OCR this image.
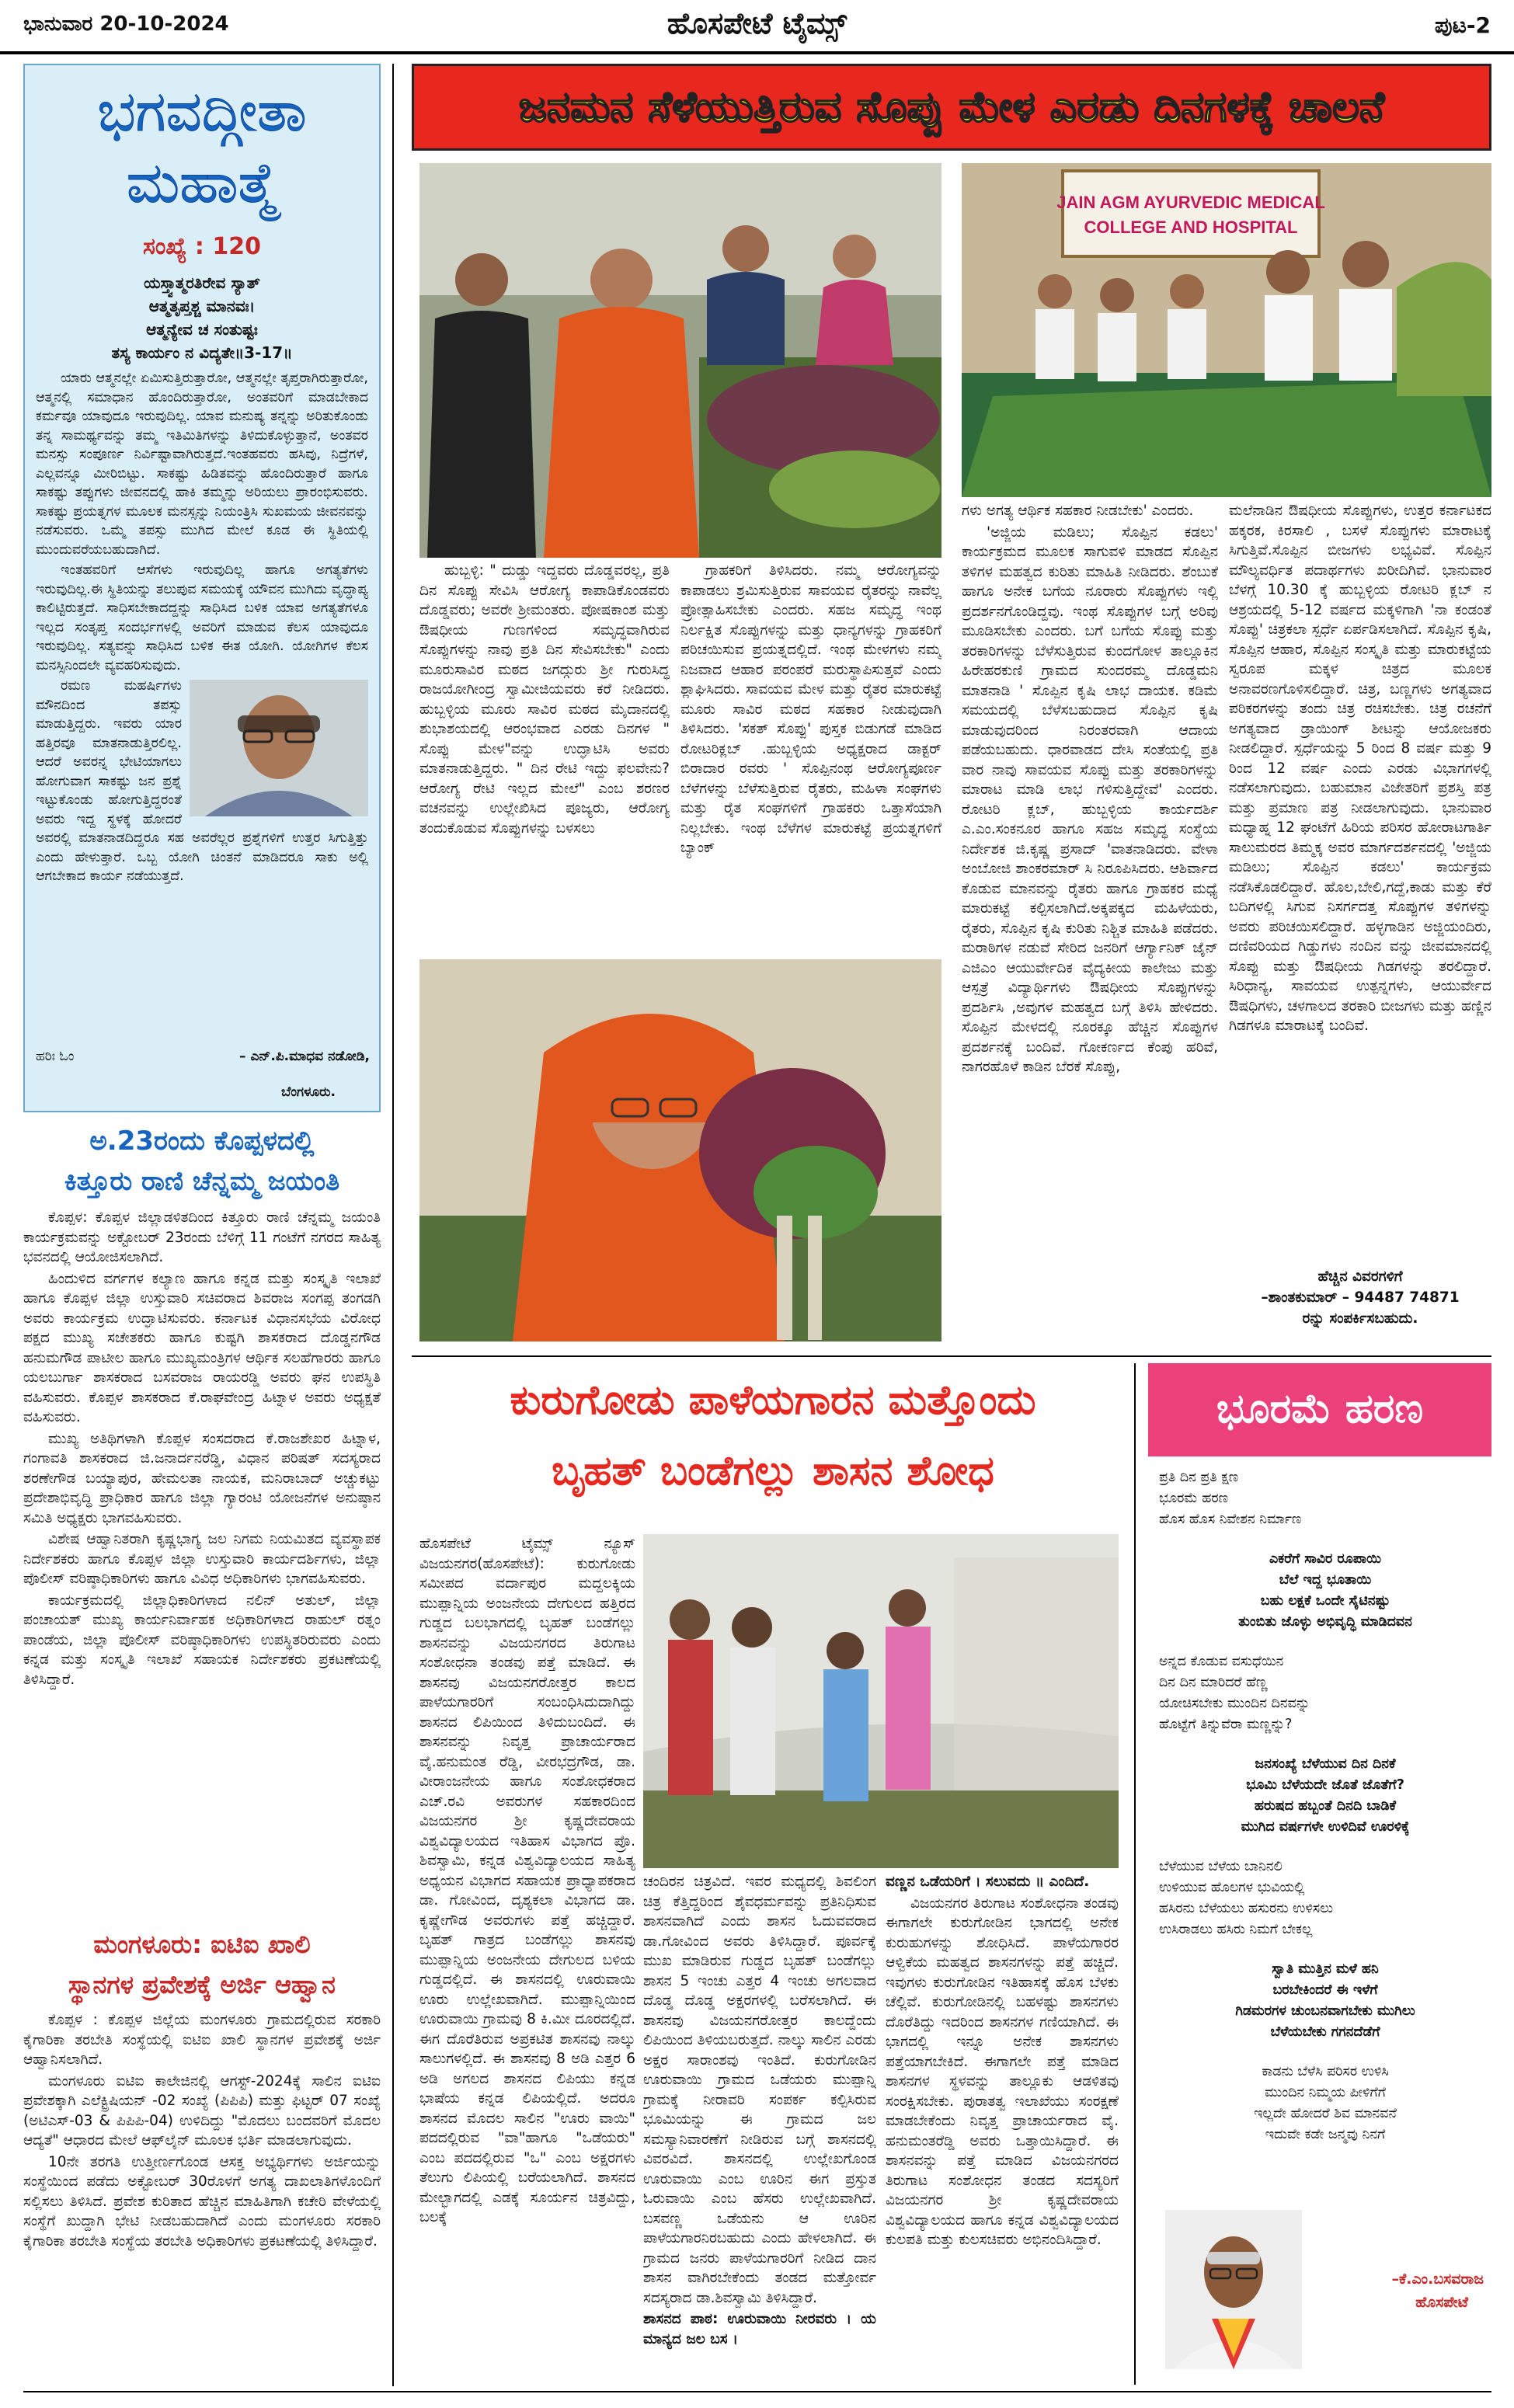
ಭಾನುವಾರ 20-10-2024	ಹೊಸಪೇಟೆ ಟೈಮ್ಸ್	ಪುಟ-2
ಭಗವದ್ಗೀತಾ
ಮಹಾತ್ಮೆ
ಸಂಖ್ಯೆ : 120
ಯಸ್ತ್ವಾತ್ಮರತಿರೇವ ಸ್ಯಾತ್
ಆತ್ಮತೃಪ್ತಶ್ಚ ಮಾನವಃ।
ಆತ್ಮನ್ಯೇವ ಚ ಸಂತುಷ್ಟಃ
ತಸ್ಯ ಕಾರ್ಯಂ ನ ವಿದ್ಯತೇ॥3-17॥

ಯಾರು ಆತ್ಮನಲ್ಲೇ ಏಮಿಸುತ್ತಿರುತ್ತಾರೋ, ಆತ್ಮನಲ್ಲೇ ತೃಪ್ತರಾಗಿರುತ್ತಾರೋ, ಆತ್ಮನಲ್ಲಿ ಸಮಾಧಾನ ಹೊಂದಿರುತ್ತಾರೋ, ಅಂತವರಿಗೆ ಮಾಡಬೇಕಾದ ಕರ್ಮವೂ ಯಾವುದೂ ಇರುವುದಿಲ್ಲ. ಯಾವ ಮನುಷ್ಯ ತನ್ನನ್ನು ಅರಿತುಕೊಂಡು ತನ್ನ ಸಾಮರ್ಥ್ಯವನ್ನು ತಮ್ಮ ಇತಿಮಿತಿಗಳನ್ನು ತಿಳಿದುಕೊಳ್ಳುತ್ತಾನೆ, ಅಂತವರ ಮನಸ್ಸು ಸಂಪೂರ್ಣ ನಿರ್ವಿಷ್ಟಾವಾಗಿರುತ್ತದೆ.ಇಂತಹವರು ಹಸಿವು, ನಿದ್ರೆಗಳೆ, ಎಲ್ಲವನ್ನೂ ಮೀರಿಬಿಟ್ಟು. ಸಾಕಷ್ಟು ಹಿಡಿತವನ್ನು ಹೊಂದಿರುತ್ತಾರೆ ಹಾಗೂ ಸಾಕಷ್ಟು ತಪ್ಪುಗಳು ಜೀವನದಲ್ಲಿ ಹಾಕಿ ತಮ್ಮನ್ನು ಅರಿಯಲು ಪ್ರಾರಂಭಿಸುವರು. ಸಾಕಷ್ಟು ಪ್ರಯತ್ನಗಳ ಮೂಲಕ ಮನಸ್ಸನ್ನು ನಿಯಂತ್ರಿಸಿ ಸುಖಮಯ ಜೀವನವನ್ನು ನಡೆಸುವರು. ಒಮ್ಮೆ ತಪಸ್ಸು ಮುಗಿದ ಮೇಲೆ ಕೂಡ ಈ ಸ್ಥಿತಿಯಲ್ಲಿ ಮುಂದುವರೆಯಬಹುದಾಗಿದೆ.

ಇಂತಹವರಿಗೆ ಆಸೆಗಳು ಇರುವುದಿಲ್ಲ ಹಾಗೂ ಅಗತ್ಯತೆಗಳು ಇರುವುದಿಲ್ಲ.ಈ ಸ್ಥಿತಿಯನ್ನು ತಲುಪುವ ಸಮಯಕ್ಕೆ ಯೌವನ ಮುಗಿದು ವೃದ್ಧಾಪ್ಯ ಕಾಲಿಟ್ಟಿರುತ್ತದೆ. ಸಾಧಿಸಬೇಕಾದದ್ದನ್ನು ಸಾಧಿಸಿದ ಬಳಿಕ ಯಾವ ಅಗತ್ಯತೆಗಳೂ ಇಲ್ಲದ ಸಂತೃಪ್ತ ಸಂದರ್ಭಗಳಲ್ಲಿ ಅವರಿಗೆ ಮಾಡುವ ಕೆಲಸ ಯಾವುದೂ ಇರುವುದಿಲ್ಲ. ಸತ್ಯವನ್ನು ಸಾಧಿಸಿದ ಬಳಿಕ ಈತ ಯೋಗಿ. ಯೋಗಿಗಳ ಕೆಲಸ ಮನಸ್ಸಿನಿಂದಲೇ ವ್ಯವಹರಿಸುವುದು.

ರಮಣ ಮಹರ್ಷಿಗಳು ಮೌನದಿಂದ ತಪಸ್ಸು ಮಾಡುತ್ತಿದ್ದರು. ಇವರು ಯಾರ ಹತ್ತಿರವೂ ಮಾತನಾಡುತ್ತಿರಲಿಲ್ಲ. ಆದರೆ ಅವರನ್ನ ಭೇಟಿಯಾಗಲು ಹೋಗುವಾಗ ಸಾಕಷ್ಟು ಜನ ಪ್ರಶ್ನೆ ಇಟ್ಟುಕೊಂಡು ಹೋಗುತ್ತಿದ್ದರಂತೆ ಅವರು ಇದ್ದ ಸ್ಥಳಕ್ಕೆ ಹೋದರೆ ಅವರಲ್ಲಿ ಮಾತನಾಡದಿದ್ದರೂ ಸಹ ಅವರೆಲ್ಲರ ಪ್ರಶ್ನೆಗಳಿಗೆ ಉತ್ತರ ಸಿಗುತ್ತಿತ್ತು ಎಂದು ಹೇಳುತ್ತಾರೆ. ಒಬ್ಬ ಯೋಗಿ ಚಿಂತನೆ ಮಾಡಿದರೂ ಸಾಕು ಅಲ್ಲಿ ಆಗಬೇಕಾದ ಕಾರ್ಯ ನಡೆಯುತ್ತದೆ.

ಹರಿಃ ಓಂ	– ಎನ್.ಪಿ.ಮಾಧವ ನಡೋಡಿ,
ಬೆಂಗಳೂರು.
ಅ.23ರಂದು ಕೊಪ್ಪಳದಲ್ಲಿ
ಕಿತ್ತೂರು ರಾಣಿ ಚೆನ್ನಮ್ಮ ಜಯಂತಿ

ಕೊಪ್ಪಳ: ಕೊಪ್ಪಳ ಜಿಲ್ಲಾಡಳಿತದಿಂದ ಕಿತ್ತೂರು ರಾಣಿ ಚೆನ್ನಮ್ಮ ಜಯಂತಿ ಕಾರ್ಯಕ್ರಮವನ್ನು ಅಕ್ಟೋಬರ್ 23ರಂದು ಬೆಳಿಗ್ಗೆ 11 ಗಂಟೆಗೆ ನಗರದ ಸಾಹಿತ್ಯ ಭವನದಲ್ಲಿ ಆಯೋಜಿಸಲಾಗಿದೆ.

ಹಿಂದುಳಿದ ವರ್ಗಗಳ ಕಲ್ಯಾಣ ಹಾಗೂ ಕನ್ನಡ ಮತ್ತು ಸಂಸ್ಕೃತಿ ಇಲಾಖೆ ಹಾಗೂ ಕೊಪ್ಪಳ ಜಿಲ್ಲಾ ಉಸ್ತುವಾರಿ ಸಚಿವರಾದ ಶಿವರಾಜ ಸಂಗಪ್ಪ ತಂಗಡಗಿ ಅವರು ಕಾರ್ಯಕ್ರಮ ಉದ್ಘಾಟಿಸುವರು. ಕರ್ನಾಟಕ ವಿಧಾನಸಭೆಯ ವಿರೋಧ ಪಕ್ಷದ ಮುಖ್ಯ ಸಚೇತಕರು ಹಾಗೂ ಕುಷ್ಟಗಿ ಶಾಸಕರಾದ ದೊಡ್ಡನಗೌಡ ಹನುಮಗೌಡ ಪಾಟೀಲ ಹಾಗೂ ಮುಖ್ಯಮಂತ್ರಿಗಳ ಆರ್ಥಿಕ ಸಲಹೆಗಾರರು ಹಾಗೂ ಯಲಬುರ್ಗಾ ಶಾಸಕರಾದ ಬಸವರಾಜ ರಾಯರಡ್ಡಿ ಅವರು ಘನ ಉಪಸ್ಥಿತಿ ವಹಿಸುವರು. ಕೊಪ್ಪಳ ಶಾಸಕರಾದ ಕೆ.ರಾಘವೇಂದ್ರ ಹಿಟ್ನಾಳ ಅವರು ಅಧ್ಯಕ್ಷತೆ ವಹಿಸುವರು.

ಮುಖ್ಯ ಅತಿಥಿಗಳಾಗಿ ಕೊಪ್ಪಳ ಸಂಸದರಾದ ಕೆ.ರಾಜಶೇಖರ ಹಿಟ್ನಾಳ, ಗಂಗಾವತಿ ಶಾಸಕರಾದ ಜಿ.ಜನಾರ್ದನರೆಡ್ಡಿ, ವಿಧಾನ ಪರಿಷತ್ ಸದಸ್ಯರಾದ ಶರಣೇಗೌಡ ಬಯ್ಯಾಪುರ, ಹೇಮಲತಾ ನಾಯಕ, ಮನಿರಾಬಾದ್ ಅಚ್ಚುಕಟ್ಟು ಪ್ರದೇಶಾಭಿವೃದ್ಧಿ ಪ್ರಾಧಿಕಾರ ಹಾಗೂ ಜಿಲ್ಲಾ ಗ್ಯಾರಂಟಿ ಯೋಜನೆಗಳ ಅನುಷ್ಠಾನ ಸಮಿತಿ ಅಧ್ಯಕ್ಷರು ಭಾಗವಹಿಸುವರು.

ವಿಶೇಷ ಆಹ್ವಾನಿತರಾಗಿ ಕೃಷ್ಣಭಾಗ್ಯ ಜಲ ನಿಗಮ ನಿಯಮಿತದ ವ್ಯವಸ್ಥಾಪಕ ನಿರ್ದೇಶಕರು ಹಾಗೂ ಕೊಪ್ಪಳ ಜಿಲ್ಲಾ ಉಸ್ತುವಾರಿ ಕಾರ್ಯದರ್ಶಿಗಳು, ಜಿಲ್ಲಾ ಪೊಲೀಸ್ ವರಿಷ್ಠಾಧಿಕಾರಿಗಳು ಹಾಗೂ ವಿವಿಧ ಅಧಿಕಾರಿಗಳು ಭಾಗವಹಿಸುವರು.

ಕಾರ್ಯಕ್ರಮದಲ್ಲಿ ಜಿಲ್ಲಾಧಿಕಾರಿಗಳಾದ ನಲಿನ್ ಅತುಲ್, ಜಿಲ್ಲಾ ಪಂಚಾಯತ್ ಮುಖ್ಯ ಕಾರ್ಯನಿರ್ವಾಹಕ ಅಧಿಕಾರಿಗಳಾದ ರಾಹುಲ್ ರತ್ನಂ ಪಾಂಡೆಯ, ಜಿಲ್ಲಾ ಪೊಲೀಸ್ ವರಿಷ್ಠಾಧಿಕಾರಿಗಳು ಉಪಸ್ಥಿತರಿರುವರು ಎಂದು ಕನ್ನಡ ಮತ್ತು ಸಂಸ್ಕೃತಿ ಇಲಾಖೆ ಸಹಾಯಕ ನಿರ್ದೇಶಕರು ಪ್ರಕಟಣೆಯಲ್ಲಿ ತಿಳಿಸಿದ್ದಾರೆ.

ಮಂಗಳೂರು: ಐಟಿಐ ಖಾಲಿ
ಸ್ಥಾನಗಳ ಪ್ರವೇಶಕ್ಕೆ ಅರ್ಜಿ ಆಹ್ವಾನ

ಕೊಪ್ಪಳ : ಕೊಪ್ಪಳ ಜಿಲ್ಲೆಯ ಮಂಗಳೂರು ಗ್ರಾಮದಲ್ಲಿರುವ ಸರಕಾರಿ ಕೈಗಾರಿಕಾ ತರಬೇತಿ ಸಂಸ್ಥೆಯಲ್ಲಿ ಐಟಿಐ ಖಾಲಿ ಸ್ಥಾನಗಳ ಪ್ರವೇಶಕ್ಕೆ ಅರ್ಜಿ ಆಹ್ವಾನಿಸಲಾಗಿದೆ.

ಮಂಗಳೂರು ಐಟಿಐ ಕಾಲೇಜಿನಲ್ಲಿ ಆಗಸ್ಟ್-2024ಕ್ಕೆ ಸಾಲಿನ ಐಟಿಐ ಪ್ರವೇಶಕ್ಕಾಗಿ ಎಲೆಕ್ಟ್ರಿಷಿಯನ್ -02 ಸಂಖ್ಯೆ (ಪಿಪಿಪಿ) ಮತ್ತು ಫಿಟ್ಟರ್ 07 ಸಂಖ್ಯೆ (ಅಟಿಎಸ್-03 & ಪಿಪಿಪಿ-04) ಉಳಿದಿದ್ದು "ಮೊದಲು ಬಂದವರಿಗೆ ಮೊದಲ ಆದ್ಯತೆ" ಆಧಾರದ ಮೇಲೆ ಆಫ್‌ಲೈನ್ ಮೂಲಕ ಭರ್ತಿ ಮಾಡಲಾಗುವುದು.

10ನೇ ತರಗತಿ ಉತ್ತೀರ್ಣಗೊಂಡ ಆಸಕ್ತ ಅಭ್ಯರ್ಥಿಗಳು ಅರ್ಜಿಯನ್ನು ಸಂಸ್ಥೆಯಿಂದ ಪಡೆದು ಅಕ್ಟೋಬರ್ 30ರೊಳಗೆ ಅಗತ್ಯ ದಾಖಲಾತಿಗಳೊಂದಿಗೆ ಸಲ್ಲಿಸಲು ತಿಳಿಸಿದೆ. ಪ್ರವೇಶ ಕುರಿತಾದ ಹೆಚ್ಚಿನ ಮಾಹಿತಿಗಾಗಿ ಕಚೇರಿ ವೇಳೆಯಲ್ಲಿ ಸಂಸ್ಥೆಗೆ ಖುದ್ದಾಗಿ ಭೇಟಿ ನೀಡಬಹುದಾಗಿದೆ ಎಂದು ಮಂಗಳೂರು ಸರಕಾರಿ ಕೈಗಾರಿಕಾ ತರಬೇತಿ ಸಂಸ್ಥೆಯ ತರಬೇತಿ ಅಧಿಕಾರಿಗಳು ಪ್ರಕಟಣೆಯಲ್ಲಿ ತಿಳಿಸಿದ್ದಾರೆ.

ಜನಮನ ಸೆಳೆಯುತ್ತಿರುವ ಸೊಪ್ಪು ಮೇಳ ಎರಡು ದಿನಗಳಕ್ಕೆ ಚಾಲನೆ
JAIN AGM AYURVEDIC MEDICAL
COLLEGE AND HOSPITAL

ಹುಬ್ಬಳ್ಳಿ: " ದುಡ್ಡು ಇದ್ದವರು ದೊಡ್ಡವರಲ್ಲ, ಪ್ರತಿ ದಿನ ಸೊಪ್ಪು ಸೇವಿಸಿ ಆರೋಗ್ಯ ಕಾಪಾಡಿಕೊಂಡವರು ದೊಡ್ಡವರು; ಅವರೇ ಶ್ರೀಮಂತರು. ಪೋಷಕಾಂಶ ಮತ್ತು ಔಷಧೀಯ ಗುಣಗಳಿಂದ ಸಮೃದ್ಧವಾಗಿರುವ ಸೊಪ್ಪುಗಳನ್ನು ನಾವು ಪ್ರತಿ ದಿನ ಸೇವಿಸಬೇಕು" ಎಂದು ಮೂರುಸಾವಿರ ಮಠದ ಜಗದ್ಗುರು ಶ್ರೀ ಗುರುಸಿದ್ಧ ರಾಜಯೋಗೀಂದ್ರ ಸ್ವಾಮೀಜಿಯವರು ಕರೆ ನೀಡಿದರು. ಹುಬ್ಬಳ್ಳಿಯ ಮೂರು ಸಾವಿರ ಮಠದ ಮೈದಾನದಲ್ಲಿ ಶುಭಾಶಯದಲ್ಲಿ ಆರಂಭವಾದ ಎರಡು ದಿನಗಳ " ಸೊಪ್ಪು ಮೇಳ"ವನ್ನು ಉದ್ಘಾಟಿಸಿ ಅವರು ಮಾತನಾಡುತ್ತಿದ್ದರು. " ದಿನ ರೇಟಿ ಇದ್ದು ಫಲವೇನು? ಆರೋಗ್ಯ ರೇಟಿ ಇಲ್ಲದ ಮೇಲೆ" ಎಂಬ ಶರಣರ ವಚನವನ್ನು ಉಲ್ಲೇಖಿಸಿದ ಪೂಜ್ಯರು, ಆರೋಗ್ಯ ತಂದುಕೊಡುವ ಸೊಪ್ಪುಗಳನ್ನು ಬಳಸಲು

ಗ್ರಾಹಕರಿಗೆ ತಿಳಿಸಿದರು. ನಮ್ಮ ಆರೋಗ್ಯವನ್ನು ಕಾಪಾಡಲು ಶ್ರಮಿಸುತ್ತಿರುವ ಸಾವಯವ ರೈತರನ್ನು ನಾವೆಲ್ಲ ಪ್ರೋತ್ಸಾಹಿಸಬೇಕು ಎಂದರು. ಸಹಜ ಸಮೃದ್ಧ ಇಂಥ ನಿರ್ಲಕ್ಷಿತ ಸೊಪ್ಪುಗಳನ್ನು ಮತ್ತು ಧಾನ್ಯಗಳನ್ನು ಗ್ರಾಹಕರಿಗೆ ಪರಿಚಯಿಸುವ ಪ್ರಯತ್ನದಲ್ಲಿದೆ. ಇಂಥ ಮೇಳಗಳು ನಮ್ಮ ನಿಜವಾದ ಆಹಾರ ಪರಂಪರೆ ಮರುಸ್ಥಾಪಿಸುತ್ತವೆ ಎಂದು ಶ್ಲಾಘಿಸಿದರು. ಸಾವಯವ ಮೇಳ ಮತ್ತು ರೈತರ ಮಾರುಕಟ್ಟೆ ಮೂರು ಸಾವಿರ ಮಠದ ಸಹಕಾರ ನೀಡುವುದಾಗಿ ತಿಳಿಸಿದರು. 'ಸಕತ್ ಸೊಪ್ಪು' ಪುಸ್ತಕ ಬಿಡುಗಡೆ ಮಾಡಿದ ರೋಟರಿಕ್ಲಬ್ .ಹುಬ್ಬಳ್ಳಿಯ ಅಧ್ಯಕ್ಷರಾದ ಡಾಕ್ಟರ್‌ ಬಿರಾದಾರ ರವರು ' ಸೊಪ್ಪಿನಂಥ ಆರೋಗ್ಯಪೂರ್ಣ ಬೆಳೆಗಳನ್ನು ಬೆಳೆಸುತ್ತಿರುವ ರೈತರು, ಮಹಿಳಾ ಸಂಘಗಳು ಮತ್ತು ರೈತ ಸಂಘಗಳಿಗೆ ಗ್ರಾಹಕರು ಒತ್ತಾಸೆಯಾಗಿ ನಿಲ್ಲಬೇಕು. ಇಂಥ ಬೆಳೆಗಳ ಮಾರುಕಟ್ಟೆ ಪ್ರಯತ್ನಗಳಿಗೆ ಬ್ಯಾಂಕ್

ಗಳು ಅಗತ್ಯ ಆರ್ಥಿಕ ಸಹಕಾರ ನೀಡಬೇಕು' ಎಂದರು.

'ಅಜ್ಜಿಯ ಮಡಿಲು; ಸೊಪ್ಪಿನ ಕಡಲು' ಕಾರ್ಯಕ್ರಮದ ಮೂಲಕ ಸಾಗುವಳಿ ಮಾಡದ ಸೊಪ್ಪಿನ ತಳಿಗಳ ಮಹತ್ವದ ಕುರಿತು ಮಾಹಿತಿ ನೀಡಿದರು. ಶೆಂಬುಕೆ ಹಾಗೂ ಅನೇಕ ಬಗೆಯ ನೂರಾರು ಸೊಪ್ಪುಗಳು ಇಲ್ಲಿ ಪ್ರದರ್ಶನಗೊಂಡಿದ್ದವು. ಇಂಥ ಸೊಪ್ಪುಗಳ ಬಗ್ಗೆ ಅರಿವು ಮೂಡಿಸಬೇಕು ಎಂದರು. ಬಗೆ ಬಗೆಯ ಸೊಪ್ಪು ಮತ್ತು ತರಕಾರಿಗಳನ್ನು ಬೆಳೆಸುತ್ತಿರುವ ಕುಂದಗೋಳ ತಾಲ್ಲೂಕಿನ ಹಿರೇಹರಕುಣಿ ಗ್ರಾಮದ ಸುಂದರಮ್ಮ ದೊಡ್ಡಮನಿ ಮಾತನಾಡಿ ' ಸೊಪ್ಪಿನ ಕೃಷಿ ಲಾಭ ದಾಯಕ. ಕಡಿಮೆ ಸಮಯದಲ್ಲಿ ಬೆಳೆಸಬಹುದಾದ ಸೊಪ್ಪಿನ ಕೃಷಿ ಮಾಡುವುದರಿಂದ ನಿರಂತರವಾಗಿ ಆದಾಯ ಪಡೆಯಬಹುದು. ಧಾರವಾಡದ ದೇಸಿ ಸಂತೆಯಲ್ಲಿ ಪ್ರತಿ ವಾರ ನಾವು ಸಾವಯವ ಸೊಪ್ಪು ಮತ್ತು ತರಕಾರಿಗಳನ್ನು ಮಾರಾಟ ಮಾಡಿ ಲಾಭ ಗಳಿಸುತ್ತಿದ್ದೇವೆ' ಎಂದರು. ರೋಟರಿ ಕ್ಲಬ್, ಹುಬ್ಬಳ್ಳಿಯ ಕಾರ್ಯದರ್ಶಿ ಎ.ಎಂ.ಸಂಕನೂರ ಹಾಗೂ ಸಹಜ ಸಮೃದ್ಧ ಸಂಸ್ಥೆಯ ನಿರ್ದೇಶಕ ಜಿ.ಕೃಷ್ಣ ಪ್ರಸಾದ್ 'ವಾತನಾಡಿದರು. ವೇಳಾ ಅಂಬೋಜಿ ಶಾಂಕರಮಾರ್ ಸಿ ನಿರೂಪಿಸಿದರು. ಆಶಿರ್ವಾದ ಕೊಡುವ ಮಾನವನ್ನು ರೈತರು ಹಾಗೂ ಗ್ರಾಹಕರ ಮಧ್ಯೆ ಮಾರುಕಟ್ಟೆ ಕಲ್ಪಿಸಲಾಗಿದೆ.ಅಕ್ಕಪಕ್ಕದ ಮಹಿಳೆಯರು, ರೈತರು, ಸೊಪ್ಪಿನ ಕೃಷಿ ಕುರಿತು ನಿಶ್ಚಿತ ಮಾಹಿತಿ ಪಡೆದರು. ಮರಾಠಿಗಳ ನಡುವೆ ಸೇರಿದ ಜನರಿಗೆ ಆರ್ಗ್ಯಾನಿಕ್‌ ಜೈನ್ ಎಜಿಎಂ ಆಯುರ್ವೇದಿಕ ವೈದ್ಯಕೀಯ ಕಾಲೇಜು ಮತ್ತು ಆಸ್ಪತ್ರೆ ವಿದ್ಯಾರ್ಥಿಗಳು ಔಷಧೀಯ ಸೊಪ್ಪುಗಳನ್ನು ಪ್ರದರ್ಶಿಸಿ ,ಅವುಗಳ ಮಹತ್ವದ ಬಗ್ಗೆ ತಿಳಿಸಿ ಹೇಳಿದರು. ಸೊಪ್ಪಿನ ಮೇಳದಲ್ಲಿ ನೂರಕ್ಕೂ ಹೆಚ್ಚಿನ ಸೊಪ್ಪುಗಳ ಪ್ರದರ್ಶನಕ್ಕೆ ಬಂದಿವೆ. ಗೋಕರ್ಣದ ಕೆಂಪು ಹರಿವೆ, ನಾಗರಹೊಳೆ ಕಾಡಿನ ಬೆರಕೆ ಸೊಪ್ಪು,

ಮಲೆನಾಡಿನ ಔಷಧೀಯ ಸೊಪ್ಪುಗಳು, ಉತ್ತರ ಕರ್ನಾಟಕದ ಹಕ್ಕರಕ, ಕಿರಸಾಲಿ , ಬಸಳೆ ಸೊಪ್ಪುಗಳು ಮಾರಾಟಕ್ಕೆ ಸಿಗುತ್ತಿವೆ.ಸೊಪ್ಪಿನ ಬೀಜಗಳು ಲಭ್ಯವಿವೆ. ಸೊಪ್ಪಿನ ಮೌಲ್ಯವರ್ಧಿತ ಪದಾರ್ಥಗಳು ಖರೀದಿಗಿವೆ. ಭಾನುವಾರ ಬೆಳಗ್ಗೆ 10.30 ಕ್ಕೆ ಹುಬ್ಬಳ್ಳಿಯ ರೋಟರಿ ಕ್ಲಬ್ ನ ಆಶ್ರಯದಲ್ಲಿ 5-12 ವರ್ಷದ ಮಕ್ಕಳಿಗಾಗಿ 'ನಾ ಕಂಡಂತೆ ಸೊಪ್ಪು' ಚಿತ್ರಕಲಾ ಸ್ಪರ್ಧೆ ಏರ್ಪಡಿಸಲಾಗಿದೆ. ಸೊಪ್ಪಿನ ಕೃಷಿ, ಸೊಪ್ಪಿನ ಆಹಾರ, ಸೊಪ್ಪಿನ ಸಂಸ್ಕೃತಿ ಮತ್ತು ಮಾರುಕಟ್ಟೆಯ ಸ್ವರೂಪ ಮಕ್ಕಳ ಚಿತ್ರದ ಮೂಲಕ ಅನಾವರಣಗೊಳಿಸಲಿದ್ದಾರೆ. ಚಿತ್ರ, ಬಣ್ಣಗಳು ಅಗತ್ಯವಾದ ಪರಿಕರಗಳನ್ನು ತಂದು ಚಿತ್ರ ರಚಿಸಬೇಕು. ಚಿತ್ರ ರಚನೆಗೆ ಅಗತ್ಯವಾದ ಡ್ರಾಯಿಂಗ್ ಶೀಟನ್ನು ಆಯೋಜಕರು ನೀಡಲಿದ್ದಾರೆ. ಸ್ಪರ್ಧೆಯನ್ನು 5 ರಿಂದ 8 ವರ್ಷ ಮತ್ತು 9 ರಿಂದ 12 ವರ್ಷ ಎಂದು ಎರಡು ವಿಭಾಗಗಳಲ್ಲಿ ನಡೆಸಲಾಗುವುದು. ಬಹುಮಾನ ವಿಜೇತರಿಗೆ ಪ್ರಶಸ್ತಿ ಪತ್ರ ಮತ್ತು ಪ್ರಮಾಣ ಪತ್ರ ನೀಡಲಾಗುವುದು. ಭಾನುವಾರ ಮಧ್ಯಾಹ್ನ 12 ಘಂಟೆಗೆ ಹಿರಿಯ ಪರಿಸರ ಹೋರಾಟಗಾರ್ತಿ ಸಾಲುಮರದ ತಿಮ್ಮಕ್ಕ ಅವರ ಮಾರ್ಗದರ್ಶನದಲ್ಲಿ 'ಅಜ್ಜಿಯ ಮಡಿಲು; ಸೊಪ್ಪಿನ ಕಡಲು' ಕಾರ್ಯಕ್ರಮ ನಡೆಸಿಕೊಡಲಿದ್ದಾರೆ. ಹೊಲ,ಬೇಲಿ,ಗದ್ದೆ,ಕಾಡು ಮತ್ತು ಕೆರೆ ಬದಿಗಳಲ್ಲಿ ಸಿಗುವ ನಿಸರ್ಗದತ್ತ ಸೊಪ್ಪುಗಳ ತಳಿಗಳನ್ನು ಅವರು ಪರಿಚಯಿಸಲಿದ್ದಾರೆ. ಹಳ್ಳಗಾಡಿನ ಅಜ್ಜಿಯಂದಿರು, ದಣಿವರಿಯದ ಗಿಡ್ಡುಗಳು ನಂದಿನ ವನ್ನು ಜೀವಮಾನದಲ್ಲಿ ಸೊಪ್ಪು ಮತ್ತು ಔಷಧೀಯ ಗಿಡಗಳನ್ನು ತರಲಿದ್ದಾರೆ. ಸಿರಿಧಾನ್ಯ, ಸಾವಯವ ಉತ್ಪನ್ನಗಳು, ಆಯುರ್ವೇದ ಔಷಧಿಗಳು, ಚಳಗಾಲದ ತರಕಾರಿ ಬೀಜಗಳು ಮತ್ತು ಹಣ್ಣಿನ ಗಿಡಗಳೂ ಮಾರಾಟಕ್ಕೆ ಬಂದಿವೆ.

ಹೆಚ್ಚಿನ ವಿವರಗಳಿಗೆ
–ಶಾಂತಕುಮಾರ್ – 94487 74871
ರನ್ನು ಸಂಪರ್ಕಿಸಬಹುದು.
ಕುರುಗೋಡು ಪಾಳೆಯಗಾರನ ಮತ್ತೊಂದು
ಬೃಹತ್ ಬಂಡೆಗಲ್ಲು ಶಾಸನ ಶೋಧ

ಹೊಸಪೇಟೆ ಟೈಮ್ಸ್ ನ್ಯೂಸ್ ವಿಜಯನಗರ(ಹೊಸಪೇಟೆ): ಕುರುಗೋಡು ಸಮೀಪದ ವರ್ದಾಪುರ ಮದ್ದಲಕ್ಕಿಯ ಮುಪ್ಪಾನ್ನಿಯ ಅಂಜನೇಯ ದೇಗುಲದ ಹತ್ತಿರದ ಗುಡ್ಡದ ಬಲಭಾಗದಲ್ಲಿ ಬೃಹತ್ ಬಂಡೆಗಲ್ಲು ಶಾಸನವನ್ನು ವಿಜಯನಗರದ ತಿರುಗಾಟ ಸಂಶೋಧನಾ ತಂಡವು ಪತ್ತೆ ಮಾಡಿದೆ. ಈ ಶಾಸನವು ವಿಜಯನಗರೋತ್ತರ ಕಾಲದ ಪಾಳೆಯಗಾರರಿಗೆ ಸಂಬಂಧಿಸಿದುದಾಗಿದ್ದು ಶಾಸನದ ಲಿಪಿಯಿಂದ ತಿಳಿದುಬಂದಿದೆ. ಈ ಶಾಸನವನ್ನು ನಿವೃತ್ತ ಪ್ರಾಚಾರ್ಯರಾದ ವೈ.ಹನುಮಂತ ರೆಡ್ಡಿ, ವೀರಭದ್ರಗೌಡ, ಡಾ. ವೀರಾಂಜನೇಯ ಹಾಗೂ ಸಂಶೋಧಕರಾದ ಎಚ್.ರವಿ ಅವರುಗಳ ಸಹಕಾರದಿಂದ ವಿಜಯನಗರ ಶ್ರೀ ಕೃಷ್ಣದೇವರಾಯ ವಿಶ್ವವಿದ್ಯಾಲಯದ ಇತಿಹಾಸ ವಿಭಾಗದ ಪ್ರೊ. ಶಿವಸ್ವಾಮಿ, ಕನ್ನಡ ವಿಶ್ವವಿದ್ಯಾಲಯದ ಸಾಹಿತ್ಯ ಅಧ್ಯಯನ ವಿಭಾಗದ ಸಹಾಯಕ ಪ್ರಾಧ್ಯಾಪಕರಾದ ಡಾ. ಗೋವಿಂದ, ದೃಶ್ಯಕಲಾ ವಿಭಾಗದ ಡಾ. ಕೃಷ್ಣೇಗೌಡ ಅವರುಗಳು ಪತ್ತೆ ಹಚ್ಚಿದ್ದಾರೆ. ಬೃಹತ್ ಗಾತ್ರದ ಬಂಡೆಗಲ್ಲು ಶಾಸನವು ಮುಪ್ಪಾನ್ನಿಯ ಅಂಜನೇಯ ದೇಗುಲದ ಬಳಿಯ ಗುಡ್ಡದಲ್ಲಿದೆ. ಈ ಶಾಸನದಲ್ಲಿ ಊರುವಾಯಿ ಊರು ಉಲ್ಲೇಖವಾಗಿದೆ. ಮುಪ್ಪಾನ್ನಿಯಿಂದ ಊರುವಾಯಿ ಗ್ರಾಮವು 8 ಕಿ.ಮೀ ದೂರದಲ್ಲಿದೆ. ಈಗ ದೊರೆತಿರುವ ಅಪ್ರಕಟಿತ ಶಾಸನವು ನಾಲ್ಕು ಸಾಲುಗಳಲ್ಲಿದೆ. ಈ ಶಾಸನವು 8 ಅಡಿ ಎತ್ತರ 6 ಅಡಿ ಅಗಲದ ಶಾಸನದ ಲಿಪಿಯು ಕನ್ನಡ ಭಾಷೆಯ ಕನ್ನಡ ಲಿಪಿಯಲ್ಲಿದೆ. ಅದರೂ ಶಾಸನದ ಮೊದಲ ಸಾಲಿನ "ಊರು ವಾಯಿ" ಪದದಲ್ಲಿರುವ "ವಾ"ಹಾಗೂ "ಒಡೆಯರು" ಎಂಬ ಪದದಲ್ಲಿರುವ "ಒ" ಎಂಬ ಅಕ್ಷರಗಳು ತೆಲುಗು ಲಿಪಿಯಲ್ಲಿ ಬರೆಯಲಾಗಿದೆ. ಶಾಸನದ ಮೇಲ್ಭಾಗದಲ್ಲಿ ಎಡಕ್ಕೆ ಸೂರ್ಯನ ಚಿತ್ರವಿದ್ದು, ಬಲಕ್ಕೆ

ಚಂದಿರನ ಚಿತ್ರವಿದೆ. ಇವರ ಮಧ್ಯದಲ್ಲಿ ಶಿವಲಿಂಗ ಚಿತ್ರ ಕೆತ್ತಿದ್ದರಿಂದ ಶೈವಧರ್ಮವನ್ನು ಪ್ರತಿನಿಧಿಸುವ ಶಾಸನವಾಗಿದೆ ಎಂದು ಶಾಸನ ಓದುವವರಾದ ಡಾ.ಗೋವಿಂದ ಅವರು ತಿಳಿಸಿದ್ದಾರೆ. ಪೂರ್ವಕ್ಕೆ ಮುಖ ಮಾಡಿರುವ ಗುಡ್ಡದ ಬೃಹತ್ ಬಂಡೆಗಲ್ಲು ಶಾಸನ 5 ಇಂಚು ಎತ್ತರ 4 ಇಂಚು ಅಗಲವಾದ ದೊಡ್ಡ ದೊಡ್ಡ ಅಕ್ಷರಗಳಲ್ಲಿ ಬರೆಸಲಾಗಿದೆ. ಈ ಶಾಸನವು ವಿಜಯನಗರೋತ್ತರ ಕಾಲದ್ದೆಂದು ಲಿಪಿಯಿಂದ ತಿಳಿಯಬರುತ್ತದೆ. ನಾಲ್ಕು ಸಾಲಿನ ಎರಡು ಅಕ್ಷರ ಸಾರಾಂಶವು ಇಂತಿದೆ. ಕುರುಗೋಡಿನ ಊರುವಾಯಿ ಗ್ರಾಮದ ಒಡೆಯರು ಮುಪ್ಪಾನ್ನಿ ಗ್ರಾಮಕ್ಕೆ ನೀರಾವರಿ ಸಂಪರ್ಕ ಕಲ್ಪಿಸಿರುವ ಭೂಮಿಯನ್ನು ಈ ಗ್ರಾಮದ ಜಲ ಸಮಸ್ಯಾನಿವಾರಣೆಗೆ ನೀಡಿರುವ ಬಗ್ಗೆ ಶಾಸನದಲ್ಲಿ ವಿವರವಿದೆ. ಶಾಸನದಲ್ಲಿ ಉಲ್ಲೇಖಗೊಂಡ ಊರುವಾಯಿ ಎಂಬ ಊರಿನ ಈಗ ಪ್ರಸ್ತುತ ಓರುವಾಯಿ ಎಂಬ ಹೆಸರು ಉಲ್ಲೇಖವಾಗಿದೆ. ಬಸವಣ್ಣ ಒಡೆಯನು ಆ ಊರಿನ ಪಾಳೆಯಗಾರನಿರಬಹುದು ಎಂದು ಹೇಳಲಾಗಿದೆ. ಈ ಗ್ರಾಮದ ಜನರು ಪಾಳೆಯಗಾರರಿಗೆ ನೀಡಿದ ದಾನ ಶಾಸನ ವಾಗಿರಬೇಕೆಂದು ತಂಡದ ಮತ್ತೋರ್ವ ಸದಸ್ಯರಾದ ಡಾ.ಶಿವಸ್ವಾಮಿ ತಿಳಿಸಿದ್ದಾರೆ.

ಶಾಸನದ ಪಾಠ: ಊರುವಾಯಿ ನೀರವರು । ಯ ಮಾನ್ಯದ ಜಲ ಬಸ ।

ವಣ್ಣನ ಒಡೆಯರಿಗೆ । ಸಲುವದು ॥ ಎಂದಿದೆ.

ವಿಜಯನಗರ ತಿರುಗಾಟ ಸಂಶೋಧನಾ ತಂಡವು ಈಗಾಗಲೇ ಕುರುಗೋಡಿನ ಭಾಗದಲ್ಲಿ ಅನೇಕ ಕುರುಹುಗಳನ್ನು ಶೋಧಿಸಿದೆ. ಪಾಳೆಯಗಾರರ ಆಳ್ವಿಕೆಯ ಮಹತ್ವದ ಶಾಸನಗಳನ್ನು ಪತ್ತೆ ಹಚ್ಚಿದೆ. ಇವುಗಳು ಕುರುಗೋಡಿನ ಇತಿಹಾಸಕ್ಕೆ ಹೊಸ ಬೆಳಕು ಚೆಲ್ಲಿವೆ. ಕುರುಗೋಡಿನಲ್ಲಿ ಬಹಳಷ್ಟು ಶಾಸನಗಳು ದೊರೆತಿದ್ದು ಇದರಿಂದ ಶಾಸನಗಳ ಗಣಿಯಾಗಿದೆ. ಈ ಭಾಗದಲ್ಲಿ ಇನ್ನೂ ಅನೇಕ ಶಾಸನಗಳು ಪತ್ತೆಯಾಗಬೇಕಿದೆ. ಈಗಾಗಲೇ ಪತ್ತೆ ಮಾಡಿದ ಶಾಸನಗಳ ಸ್ಥಳವನ್ನು ತಾಲ್ಲೂಕು ಆಡಳಿತವು ಸಂರಕ್ಷಿಸಬೇಕು. ಪುರಾತತ್ವ ಇಲಾಖೆಯು ಸಂರಕ್ಷಣೆ ಮಾಡಬೇಕೆಂದು ನಿವೃತ್ತ ಪ್ರಾಚಾರ್ಯರಾದ ವೈ. ಹನುಮಂತರೆಡ್ಡಿ ಅವರು ಒತ್ತಾಯಿಸಿದ್ದಾರೆ. ಈ ಶಾಸನವನ್ನು ಪತ್ತೆ ಮಾಡಿದ ವಿಜಯನಗರದ ತಿರುಗಾಟ ಸಂಶೋಧನ ತಂಡದ ಸದಸ್ಯರಿಗೆ ವಿಜಯನಗರ ಶ್ರೀ ಕೃಷ್ಣದೇವರಾಯ ವಿಶ್ವವಿದ್ಯಾಲಯದ ಹಾಗೂ ಕನ್ನಡ ವಿಶ್ವವಿದ್ಯಾಲಯದ ಕುಲಪತಿ ಮತ್ತು ಕುಲಸಚಿವರು ಅಭಿನಂದಿಸಿದ್ದಾರೆ.

ಭೂರಮೆ ಹರಣ
ಪ್ರತಿ ದಿನ ಪ್ರತಿ ಕ್ಷಣ
ಭೂರಮೆ ಹರಣ
ಹೊಸ ಹೊಸ ನಿವೇಶನ ನಿರ್ಮಾಣ
ಎಕರೆಗೆ ಸಾವಿರ ರೂಪಾಯಿ
ಬೆಲೆ ಇದ್ದ ಭೂತಾಯಿ
ಬಹು ಲಕ್ಷಕೆ ಒಂದೇ ಸೈಟಿನಷ್ಟು
ತುಂಬಿತು ಜೊಳ್ಳು ಅಭಿವೃದ್ಧಿ ಮಾಡಿದವನ
ಅನ್ನದ ಕೊಡುವ ವಸುಧೆಯಿನ
ದಿನ ದಿನ ಮಾರಿದರೆ ಹೆಣ್ಣ
ಯೋಚಿಸಬೇಕು ಮುಂದಿನ ದಿನವನ್ನು
ಹೊಟ್ಟೆಗೆ ತಿನ್ನುವೆರಾ ಮಣ್ಣನ್ನು?
ಜನಸಂಖ್ಯೆ ಬೆಳೆಯುವ ದಿನ ದಿನಕೆ
ಭೂಮಿ ಬೆಳೆಯದೇ ಜೊತೆ ಜೊತೆಗೆ?
ಹರುಷದ ಹಬ್ಬಂತೆ ದಿನದಿ ಬಾಡಿಕೆ
ಮುಗಿದ ವರ್ಷಗಳೇ ಉಳಿದಿವೆ ಊರಳಿಕ್ಕೆ
ಬೆಳೆಯುವ ಬೆಳೆಯ ಬಾನಿನಲಿ
ಉಳಿಯುವ ಹೊಲಗಳ ಭುವಿಯಲ್ಲಿ
ಹಸಿರನು ಬೆಳೆಯಲು ಹಸುರನು ಉಳಿಸಲು
ಉಸಿರಾಡಲು ಹಸಿರು ನಿಮಗೆ ಬೇಕಲ್ಲ
ಸ್ವಾತಿ ಮುತ್ತಿನ ಮಳೆ ಹನಿ
ಬರಬೇಕಿಂದರೆ ಈ ಇಳೆಗೆ
ಗಿಡಮರಗಳ ಚುಂಬನವಾಗಬೇಕು ಮುಗಿಲು
ಬೆಳೆಯಬೇಕು ಗಗನದೆಡೆಗೆ
ಕಾಡನು ಬೆಳೆಸಿ ಪರಿಸರ ಉಳಿಸಿ
ಮುಂದಿನ ನಿಮ್ಮಯ ಪೀಳಿಗೆಗೆ
ಇಲ್ಲದೇ ಹೋದರೆ ಶಿವ ಮಾನವನೆ
ಇದುವೇ ಕಡೇ ಜನ್ಮವು ನಿನಗೆ
–ಕೆ.ಎಂ.ಬಸವರಾಜ
ಹೊಸಪೇಟೆ
